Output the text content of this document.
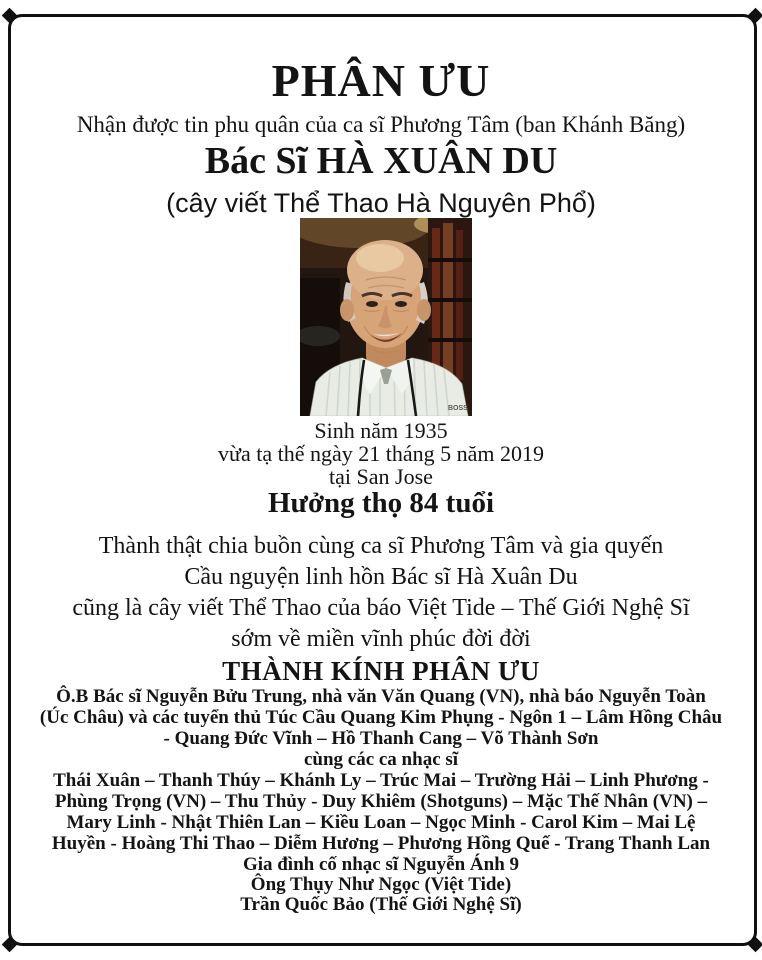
PHÂN ƯU
Nhận được tin phu quân của ca sĩ Phương Tâm (ban Khánh Băng)
Bác Sĩ HÀ XUÂN DU
(cây viết Thể Thao Hà Nguyên Phổ)
BOSS
Sinh năm 1935
vừa tạ thế ngày 21 tháng 5 năm 2019
tại San Jose
Hưởng thọ 84 tuổi
Thành thật chia buồn cùng ca sĩ Phương Tâm và gia quyến
Cầu nguyện linh hồn Bác sĩ Hà Xuân Du
cũng là cây viết Thể Thao của báo Việt Tide – Thế Giới Nghệ Sĩ
sớm về miền vĩnh phúc đời đời
THÀNH KÍNH PHÂN ƯU
Ô.B Bác sĩ Nguyễn Bửu Trung, nhà văn Văn Quang (VN), nhà báo Nguyễn Toàn
(Úc Châu) và các tuyển thủ Túc Cầu Quang Kim Phụng - Ngôn 1 – Lâm Hồng Châu
- Quang Đức Vĩnh – Hồ Thanh Cang – Võ Thành Sơn
cùng các ca nhạc sĩ
Thái Xuân – Thanh Thúy – Khánh Ly – Trúc Mai – Trường Hải – Linh Phương -
Phùng Trọng (VN) – Thu Thủy - Duy Khiêm (Shotguns) – Mặc Thế Nhân (VN) –
Mary Linh - Nhật Thiên Lan – Kiều Loan – Ngọc Minh - Carol Kim – Mai Lệ
Huyền - Hoàng Thi Thao – Diễm Hương – Phương Hồng Quế - Trang Thanh Lan
Gia đình cố nhạc sĩ Nguyễn Ánh 9
Ông Thụy Như Ngọc (Việt Tide)
Trần Quốc Bảo (Thế Giới Nghệ Sĩ)
